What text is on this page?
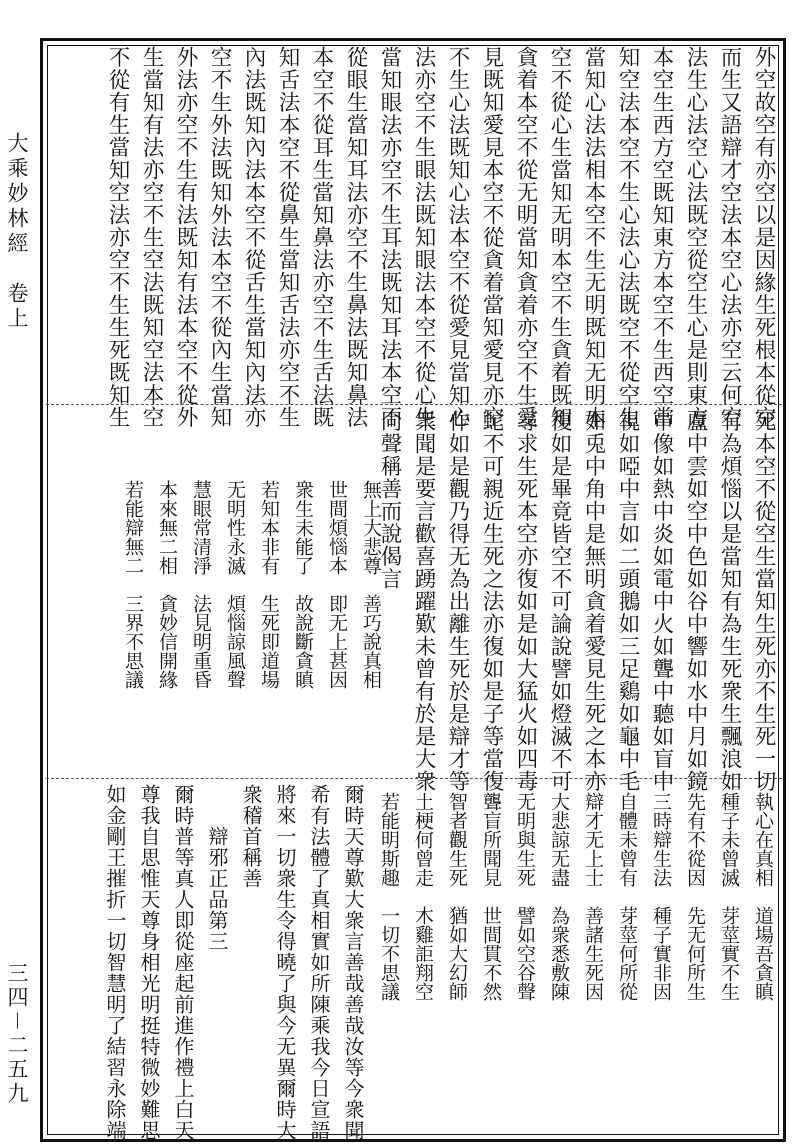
大乘妙林經　卷上
三四－二五九
外空故空有亦空以是因緣生死根本從空
而生又語辯才空法本空心法亦空云何空
法生心法空心法既空從空生心是則東方
本空生西方空既知東方本空不生西空當
知空法本空不生心法心法既空不從空生
當知心法法相本空不生无明既知无明本
空不從心生當知无明本空不生貪着既知
貪着本空不從无明當知貪着亦空不生愛
見既知愛見本空不從貪着當知愛見亦空
不生心法既知心法本空不從愛見當知心
法亦空不生眼法既知眼法本空不從心生
當知眼法亦空不生耳法既知耳法本空不
從眼生當知耳法亦空不生鼻法既知鼻法
本空不從耳生當知鼻法亦空不生舌法既
知舌法本空不從鼻生當知舌法亦空不生
內法既知內法本空不從舌生當知內法亦
空不生外法既知外法本空不從內生當知
外法亦空不生有法既知有法本空不從外
生當知有法亦空不生空法既知空法本空
不從有生當知空法亦空不生生死既知生
死本空不從空生當知生死亦不生死一切
有為煩惱以是當知有為生死衆生飄浪如
盧中雲如空中色如谷中響如水中月如鏡
中像如熱中炎如電中火如聾中聽如盲中
視如啞中言如二頭鵝如三足鷄如龜中毛
如兎中角中是無明貪着愛見生死之本亦
復如是畢竟皆空不可論說譬如燈滅不可
尋求生死本空亦復如是如大猛火如四毒
蛇不可親近生死之法亦復如是子等當復
作如是觀乃得无為出離生死於是辯才等
衆聞是要言歡喜踴躍歎未曾有於是大衆
同聲稱善而說偈言
無上大悲尊　善巧說真相
世間煩惱本　即无上甚因
衆生未能了　故說斷貪瞋
若知本非有　生死即道場
无明性永滅　煩惱諒風聲
慧眼常清淨　法見明重昏
本來無二相　貪妙信開緣
若能辯無二　三界不思議
執心在真相　道場吾貪瞋
種子未曾滅　芽莖實不生
先有不從因　先无何所生
三時辯生法　種子實非因
自體未曾有　芽莖何所從
辯才无上士　善諸生死因
大悲諒无盡　為衆悉敷陳
无明與生死　譬如空谷聲
聾盲所聞見　世間貫不然
智者觀生死　猶如大幻師
土梗何曾走　木雞詎翔空
若能明斯趣　一切不思議
爾時天尊歎大衆言善哉善哉汝等今衆聞
希有法體了真相實如所陳乘我今日宣語
將來一切衆生令得曉了與今无異爾時大
衆稽首稱善
　　辯邪正品第三
爾時普等真人即從座起前進作禮上白天
尊我自思惟天尊身相光明挺特微妙難思
如金剛王摧折一切智慧明了結習永除端
